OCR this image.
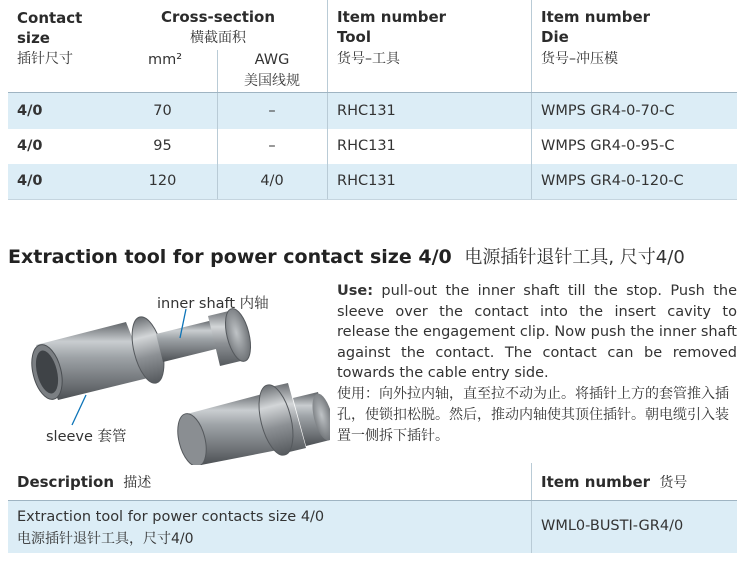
Contact
size
插针尺寸
Cross-section
横截面积
mm²	AWG
美国线规
Item number
Tool
货号–工具
Item number
Die
货号–冲压模
4/0	70	–	RHC131	WMPS GR4-0-70-C
4/0	95	–	RHC131	WMPS GR4-0-95-C
4/0	120	4/0	RHC131	WMPS GR4-0-120-C
Extraction tool for power contact size 4/0 电源插针退针工具, 尺寸4/0
inner shaft 内轴
sleeve 套管
Use: pull-out the inner shaft till the stop. Push the sleeve over the contact into the insert cavity to release the engagement clip. Now push the inner shaft against the contact. The contact can be removed towards the cable entry side.
使用：向外拉内轴，直至拉不动为止。将插针上方的套管推入插孔，使锁扣松脱。然后，推动内轴使其顶住插针。朝电缆引入装置一侧拆下插针。
Description 描述	Item number 货号
Extraction tool for power contacts size 4/0
电源插针退针工具，尺寸4/0
WML0-BUSTI-GR4/0
